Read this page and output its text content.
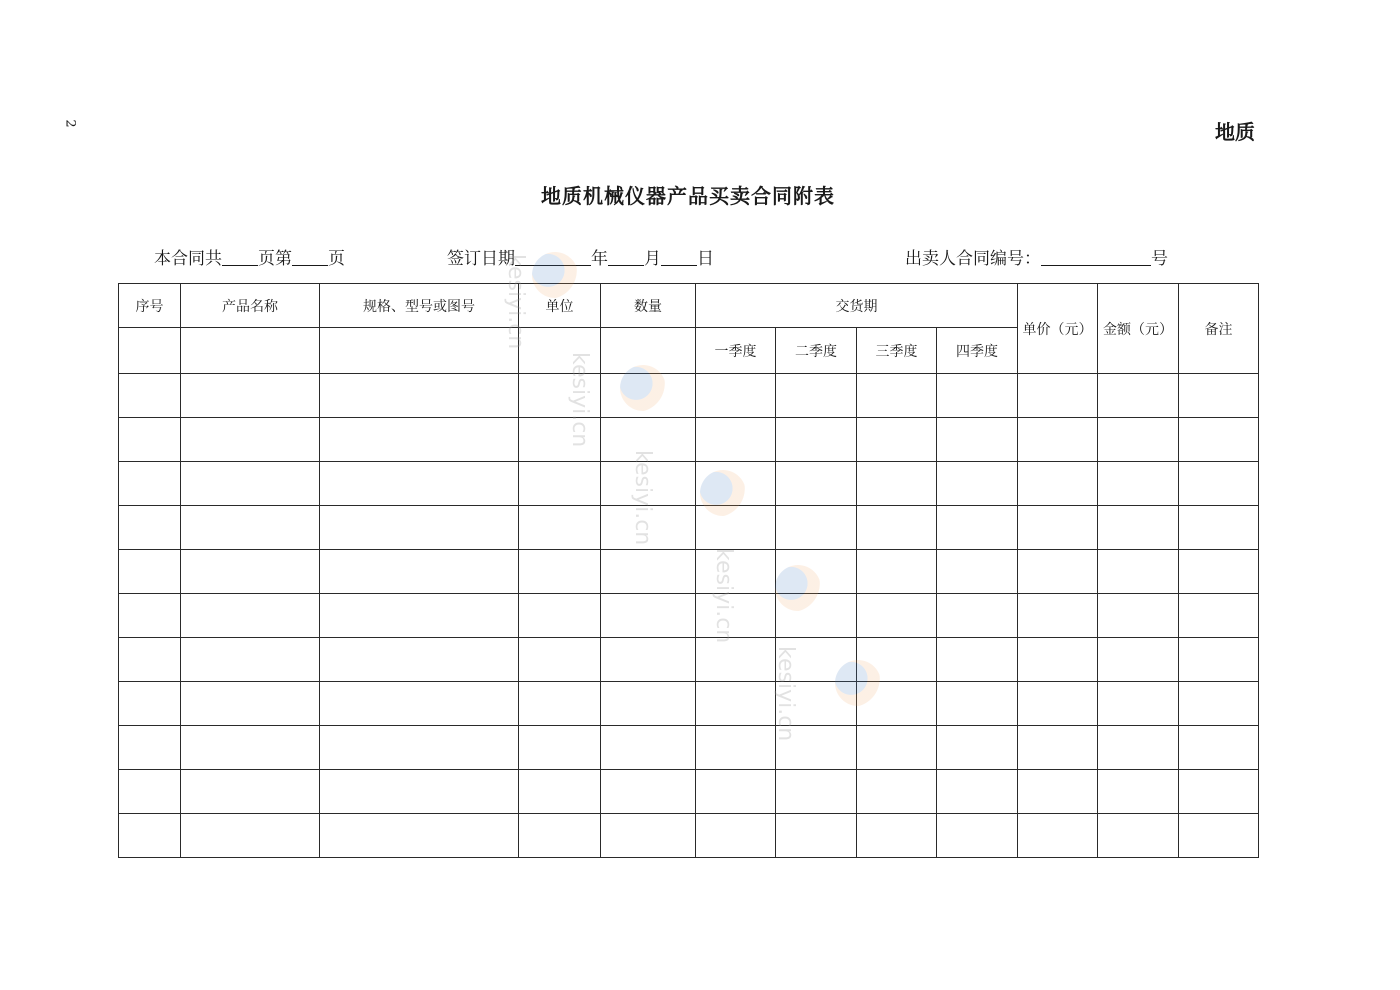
2	地质
地质机械仪器产品买卖合同附表
本合同共 页第 页	签订日期	年 月 日	出卖人合同编号：	号
序号	产品名称	规格、型号或图号	单位	数量	交货期				单价（元）	金额（元）	备注
					一季度	二季度	三季度	四季度			

kesiyi.cn
kesiyi.cn
kesiyi.cn
kesiyi.cn
kesiyi.cn
